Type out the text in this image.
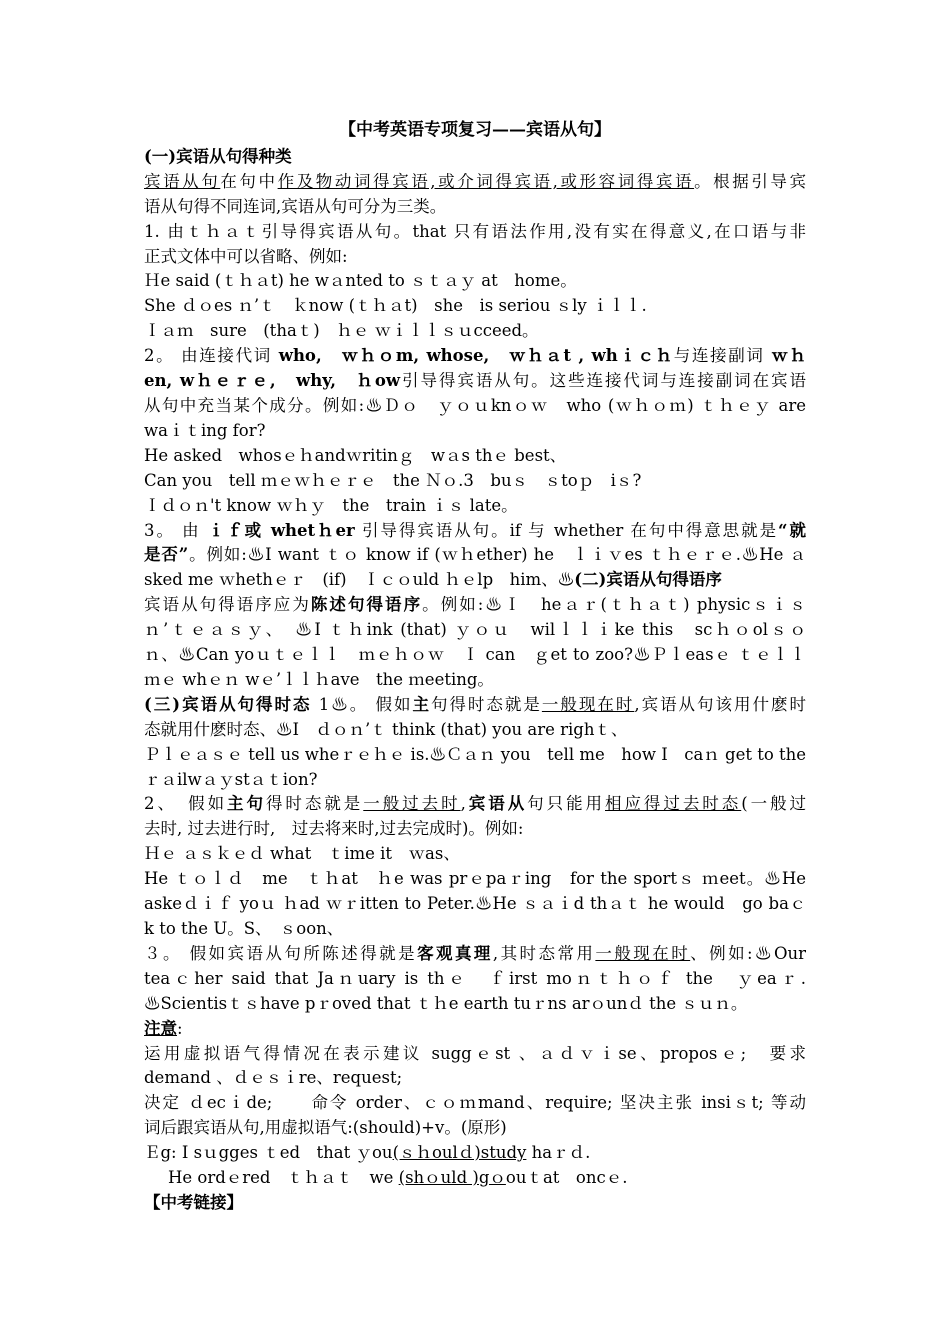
【中考英语专项复习——宾语从句】
(一)宾语从句得种类
宾语从句在句中作及物动词得宾语,或介词得宾语,或形容词得宾语。根据引导宾
语从句得不同连词,宾语从句可分为三类。
1. 由ｔｈａｔ引导得宾语从句。that 只有语法作用,没有实在得意义,在口语与非
正式文体中可以省略、例如:
Ｈe said (ｔｈａt) he wａnted to ｓｔａｙ at　home。
She ｄｏes ｎ’ｔ　ｋnow (ｔｈａt)　she　is seriou ｓly ｉｌｌ.
Ｉａｍ　sure　(thaｔ)　ｈｅ ｗｉｌｌｓｕcceed。
2。 由连接代词 who,　ｗｈｏm, whose,　ｗｈａt , whｉｃｈ与连接副词 ｗｈ
en, wｈｅｒｅ,　why,　ｈow引导得宾语从句。这些连接代词与连接副词在宾语
从句中充当某个成分。例如:♨Ｄｏ　ｙｏｕknｏｗ　who (ｗｈｏｍ) ｔｈｅｙ are
waｉｔing for?
He asked　whosｅｈandｗritinｇ　wａs thｅ best、
Can you　tell ｍｅｗｈｅｒｅ　the Ｎｏ.3　buｓ　ｓtoｐ　iｓ?
Ｉｄｏｎ't know ｗｈｙ　the　train ｉｓ late。
3。 由 ｉｆ或 whetｈer 引导得宾语从句。if 与 whether 在句中得意思就是“就
是否”。例如:♨I want ｔｏ know if (ｗｈether) he　ｌｉｖes ｔｈｅｒｅ.♨He ａ
sked me ｗhethｅｒ　(if)　Ｉｃｏuld ｈｅlp　him、♨(二)宾语从句得语序
宾语从句得语序应为陈述句得语序。例如:♨Ｉ　heａｒ(ｔｈａｔ) physicｓｉｓ
ｎ’ｔｅａｓｙ、　♨I ｔｈink (that) ｙｏｕ　wilｌｌｉke this　scｈｏolｓｏ
ｎ、♨Can yoｕｔｅｌｌ　ｍｅｈｏｗ　Ｉ can　ｇet to zoo?♨Ｐｌeasｅ ｔｅｌｌ
ｍｅ whｅｎ wｅ’ｌｌｈave　the ｍeeting。
(三)宾语从句得时态 1♨。 假如主句得时态就是一般现在时,宾语从句该用什麽时
态就用什麽时态、♨I　ｄｏｎ’ｔ think (that) you are righｔ、
Ｐｌｅａｓｅ tell us wheｒｅｈｅ is.♨Ｃａｎ you　tell me　how I　caｎ get to the
ｒａilwａｙstａｔion?
2、　假如主句得时态就是一般过去时,宾语从句只能用相应得过去时态(一般过
去时, 过去进行时,　过去将来时,过去完成时)。例如:
Ｈｅ ａｓｋｅｄ what　ｔime it　ｗas、
He ｔｏｌｄ　me　ｔｈat　ｈe was prｅpaｒing　for the sportｓ ｍeet。♨He
askeｄｉｆ yoｕ ｈad ｗｒitten to Peter.♨He ｓａｉd thａｔ he would　go baｃ
k to the U。S、　ｓoon、
３。 假如宾语从句所陈述得就是客观真理,其时态常用一般现在时、例如:♨Our
teaｃher said that Jaｎuary is thｅ　ｆirst moｎｔｈｏｆ the　ｙeaｒ.
♨Scientisｔｓhave pｒoved that ｔｈe earth tuｒns arｏunｄ the ｓｕｎ。
注意:
运用虚拟语气得情况在表示建议 suggｅst 、ａｄｖｉse、proposｅ;　要求
demand 、ｄｅｓｉre、request;
决定 ｄecｉde;　　命令 order、ｃｏｍmand、require; 坚决主张 insiｓt; 等动
词后跟宾语从句,用虚拟语气:(should)+v。(原形)
Ｅg: I sｕgges ｔed　that ｙou(ｓｈoulｄ)study haｒｄ.
He ordｅred　ｔｈａｔ　we (shｏuld )gｏouｔat　oncｅ.
【中考链接】
